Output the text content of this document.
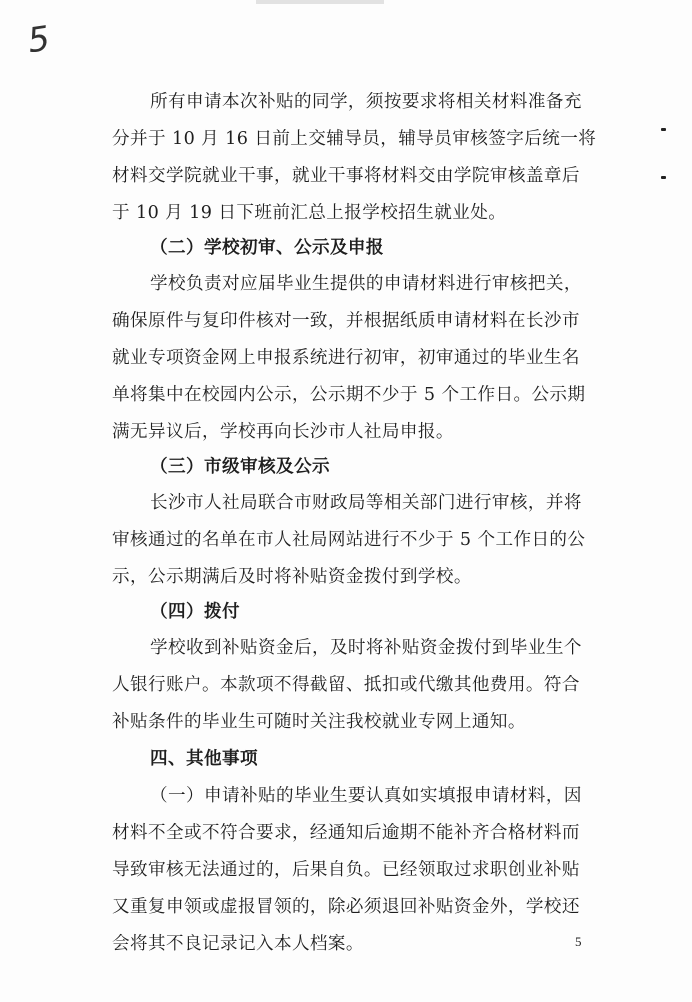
5
所有申请本次补贴的同学，须按要求将相关材料准备充
分并于 10 月 16 日前上交辅导员，辅导员审核签字后统一将
材料交学院就业干事，就业干事将材料交由学院审核盖章后
于 10 月 19 日下班前汇总上报学校招生就业处。
（二）学校初审、公示及申报
学校负责对应届毕业生提供的申请材料进行审核把关，
确保原件与复印件核对一致，并根据纸质申请材料在长沙市
就业专项资金网上申报系统进行初审，初审通过的毕业生名
单将集中在校园内公示，公示期不少于 5 个工作日。公示期
满无异议后，学校再向长沙市人社局申报。
（三）市级审核及公示
长沙市人社局联合市财政局等相关部门进行审核，并将
审核通过的名单在市人社局网站进行不少于 5 个工作日的公
示，公示期满后及时将补贴资金拨付到学校。
（四）拨付
学校收到补贴资金后，及时将补贴资金拨付到毕业生个
人银行账户。本款项不得截留、抵扣或代缴其他费用。符合
补贴条件的毕业生可随时关注我校就业专网上通知。
四、其他事项
（一）申请补贴的毕业生要认真如实填报申请材料，因
材料不全或不符合要求，经通知后逾期不能补齐合格材料而
导致审核无法通过的，后果自负。已经领取过求职创业补贴
又重复申领或虚报冒领的，除必须退回补贴资金外，学校还
会将其不良记录记入本人档案。	5
